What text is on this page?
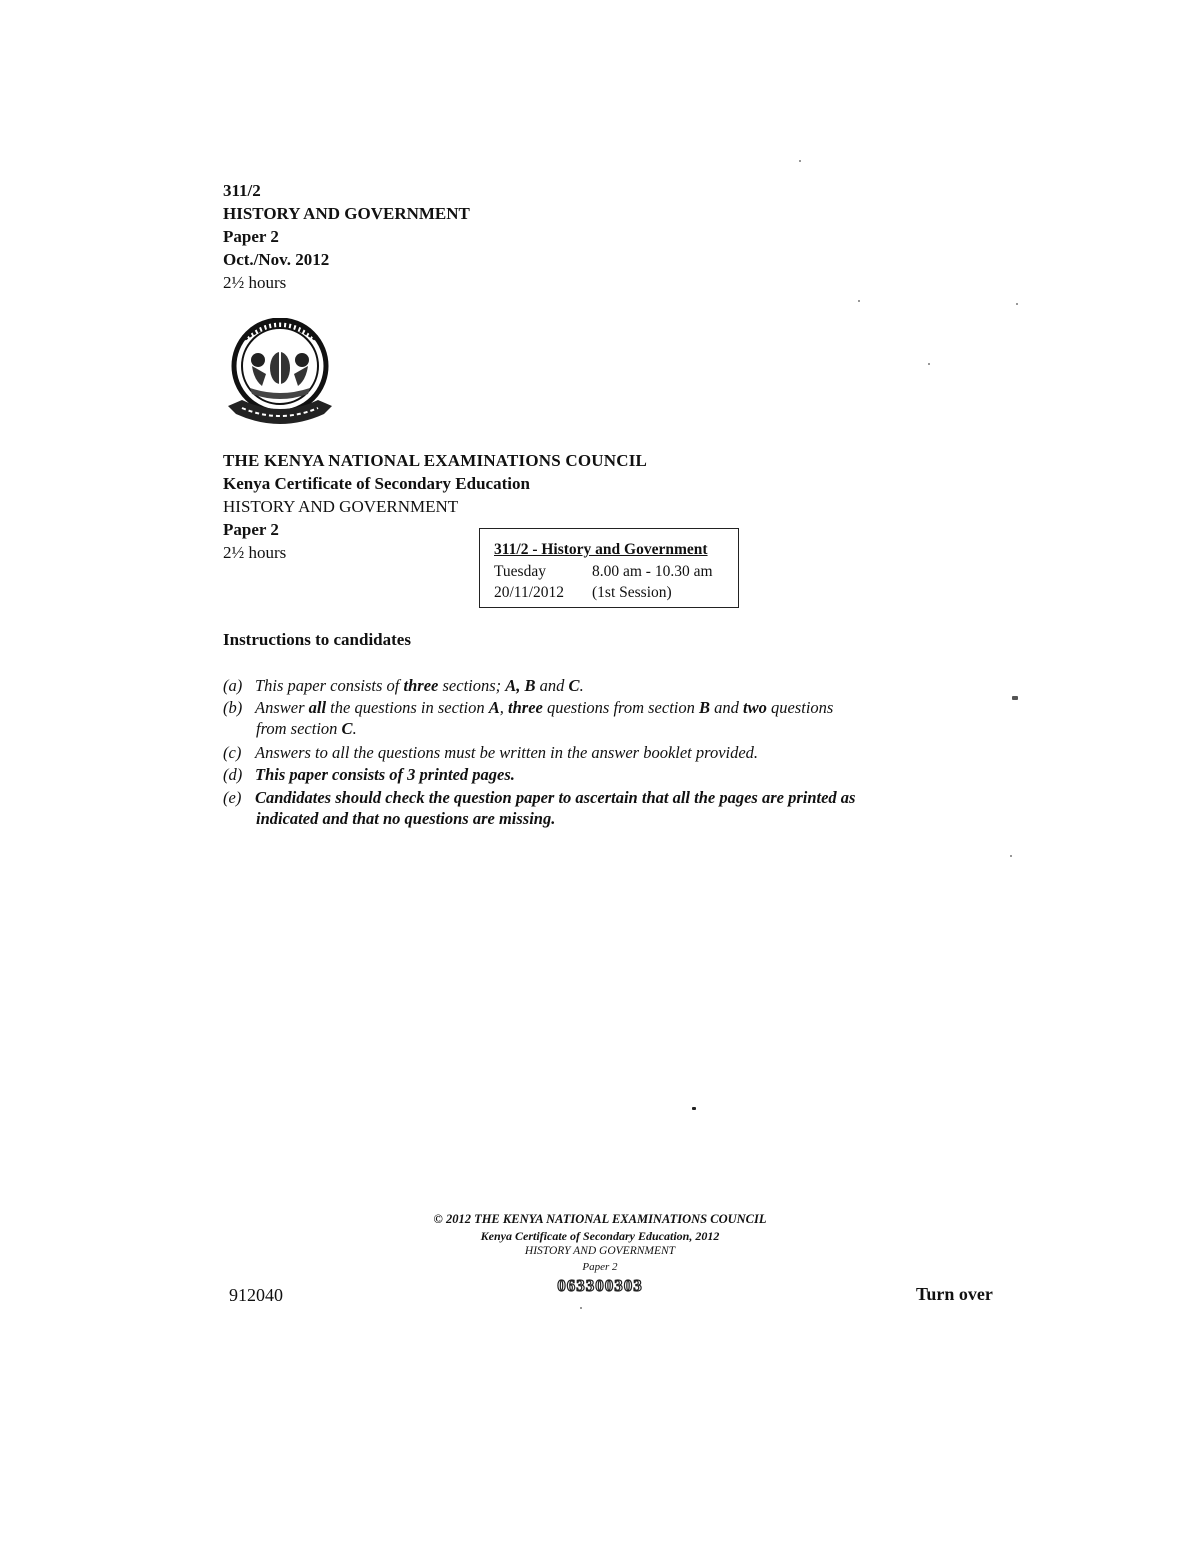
311/2
HISTORY AND GOVERNMENT
Paper 2
Oct./Nov. 2012
2½ hours
THE KENYA NATIONAL EXAMINATIONS COUNCIL
Kenya Certificate of Secondary Education
HISTORY AND GOVERNMENT
Paper 2
2½ hours	311/2 - History and Government
Tuesday	8.00 am - 10.30 am
20/11/2012 (1st Session)
Instructions to candidates
(a) This paper consists of three sections; A, B and C.
(b) Answer all the questions in section A, three questions from section B and two questions
from section C.
(c) Answers to all the questions must be written in the answer booklet provided.
(d) This paper consists of 3 printed pages.
(e) Candidates should check the question paper to ascertain that all the pages are printed as
indicated and that no questions are missing.
© 2012 THE KENYA NATIONAL EXAMINATIONS COUNCIL
Kenya Certificate of Secondary Education, 2012
HISTORY AND GOVERNMENT
Paper 2
063300303
912040	Turn over
